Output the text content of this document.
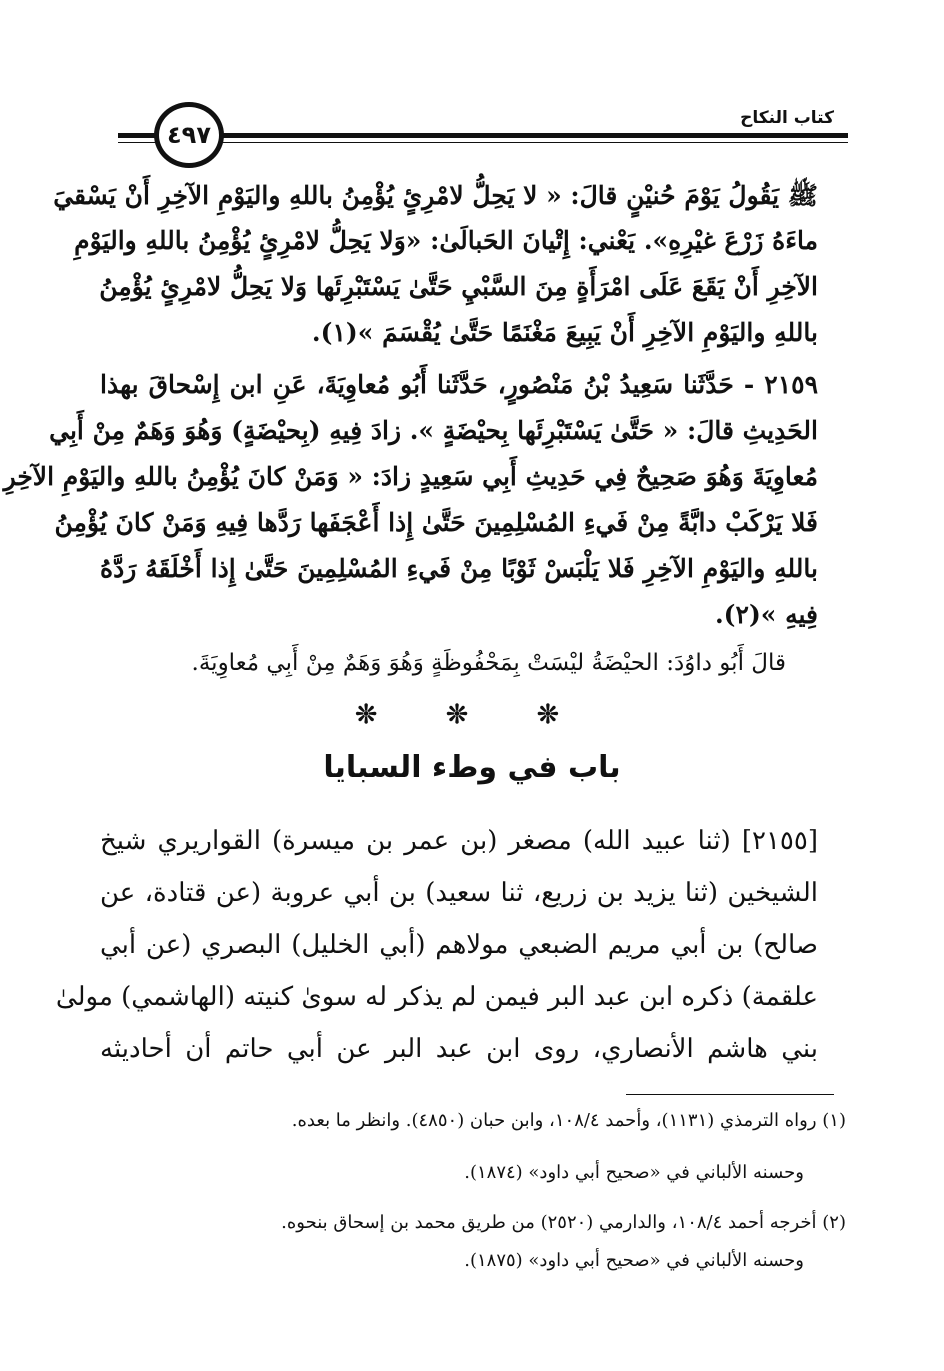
كتاب النكاح
٤٩٧
ﷺ يَقُولُ يَوْمَ حُنيْنٍ قالَ: « لا يَحِلُّ لامْرِئٍ يُؤْمِنُ باللهِ واليَوْمِ الآخِرِ أَنْ يَسْقيَ
ماءَهُ زَرْعَ غيْرِهِ». يَعْني: إِتْيانَ الحَبالَىٰ: «وَلا يَحِلُّ لامْرِئٍ يُؤْمِنُ باللهِ واليَوْمِ
الآخِرِ أَنْ يَقَعَ عَلَى امْرَأَةٍ مِنَ السَّبْيِ حَتَّىٰ يَسْتَبْرِئَها وَلا يَحِلُّ لامْرِئٍ يُؤْمِنُ
باللهِ واليَوْمِ الآخِرِ أَنْ يَبِيعَ مَغْنَمًا حَتَّىٰ يُقْسَمَ »(١).
٢١٥٩ - حَدَّثَنا سَعِيدُ بْنُ مَنْصُورٍ، حَدَّثَنا أَبُو مُعاوِيَةَ، عَنِ ابن إِسْحاقَ بهذا
الحَدِيثِ قالَ: « حَتَّىٰ يَسْتَبْرِئَها بِحيْضَةٍ ». زادَ فِيهِ (بِحيْضَةٍ) وَهُوَ وَهَمٌ مِنْ أَبِي
مُعاوِيَةَ وَهُوَ صَحِيحٌ فِي حَدِيثِ أَبِي سَعِيدٍ زادَ: « وَمَنْ كانَ يُؤْمِنُ باللهِ واليَوْمِ الآخِرِ
فَلا يَرْكَبْ دابَّةً مِنْ فَيءِ المُسْلِمِينَ حَتَّىٰ إِذا أَعْجَفَها رَدَّها فِيهِ وَمَنْ كانَ يُؤْمِنُ
باللهِ واليَوْمِ الآخِرِ فَلا يَلْبَسْ ثَوْبًا مِنْ فَيءِ المُسْلِمِينَ حَتَّىٰ إِذا أَخْلَقَهُ رَدَّهُ
فِيهِ »(٢).
قالَ أَبُو داوُدَ: الحيْضَةُ ليْسَتْ بِمَحْفُوظَةٍ وَهُوَ وَهَمٌ مِنْ أَبِي مُعاوِيَةَ.
❊ ❊ ❊
باب في وطء السبايا
[٢١٥٥] (ثنا عبيد الله) مصغر (بن عمر بن ميسرة) القواريري شيخ
الشيخين (ثنا يزيد بن زريع، ثنا سعيد) بن أبي عروبة (عن قتادة، عن
صالح) بن أبي مريم الضبعي مولاهم (أبي الخليل) البصري (عن أبي
علقمة) ذكره ابن عبد البر فيمن لم يذكر له سوىٰ كنيته (الهاشمي) مولىٰ
بني هاشم الأنصاري، روى ابن عبد البر عن أبي حاتم أن أحاديثه
(١) رواه الترمذي (١١٣١)، وأحمد ١٠٨/٤، وابن حبان (٤٨٥٠). وانظر ما بعده.
وحسنه الألباني في «صحيح أبي داود» (١٨٧٤).
(٢) أخرجه أحمد ١٠٨/٤، والدارمي (٢٥٢٠) من طريق محمد بن إسحاق بنحوه.
وحسنه الألباني في «صحيح أبي داود» (١٨٧٥).
